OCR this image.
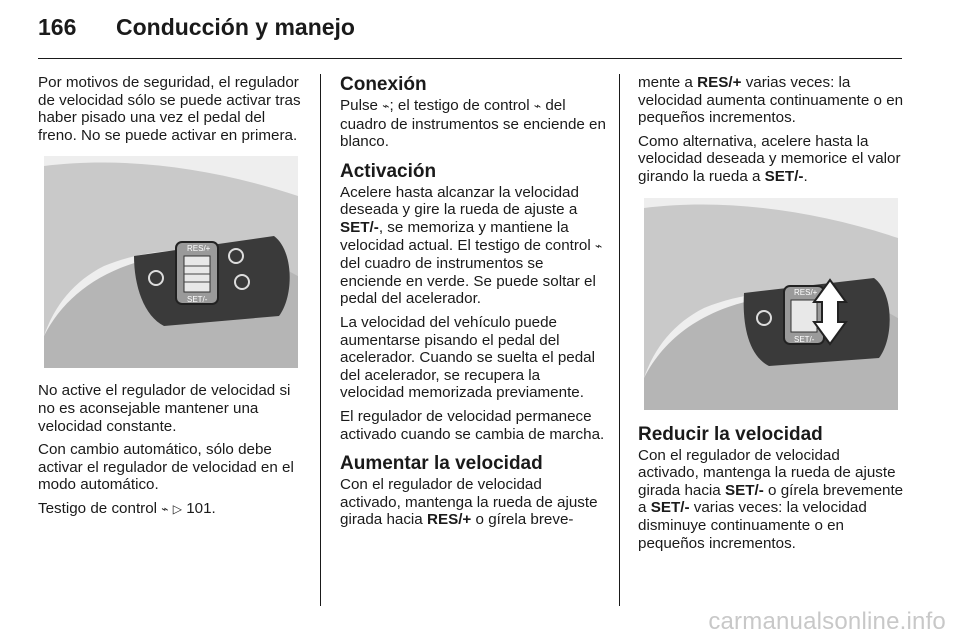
166	Conducción y manejo

Por motivos de seguridad, el regulador de velocidad sólo se puede activar tras haber pisado una vez el pedal del freno. No se puede activar en primera.

RES/+
SET/-

No active el regulador de velocidad si no es aconsejable mantener una velocidad constante.

Con cambio automático, sólo debe activar el regulador de velocidad en el modo automático.

Testigo de control ⌁ ▷ 101.

Conexión

Pulse ⌁; el testigo de control ⌁ del cuadro de instrumentos se enciende en blanco.

Activación

Acelere hasta alcanzar la velocidad deseada y gire la rueda de ajuste a SET/-, se memoriza y mantiene la velocidad actual. El testigo de control ⌁ del cuadro de instrumentos se enciende en verde. Se puede soltar el pedal del acelerador.

La velocidad del vehículo puede aumentarse pisando el pedal del acelerador. Cuando se suelta el pedal del acelerador, se recupera la velocidad memorizada previamente.

El regulador de velocidad permanece activado cuando se cambia de marcha.

Aumentar la velocidad

Con el regulador de velocidad activado, mantenga la rueda de ajuste girada hacia RES/+ o gírela breve-

mente a RES/+ varias veces: la velocidad aumenta continuamente o en pequeños incrementos.

Como alternativa, acelere hasta la velocidad deseada y memorice el valor girando la rueda a SET/-.

RES/+
SET/-
Reducir la velocidad

Con el regulador de velocidad activado, mantenga la rueda de ajuste girada hacia SET/- o gírela brevemente a SET/- varias veces: la velocidad disminuye continuamente o en pequeños incrementos.

carmanualsonline.info
